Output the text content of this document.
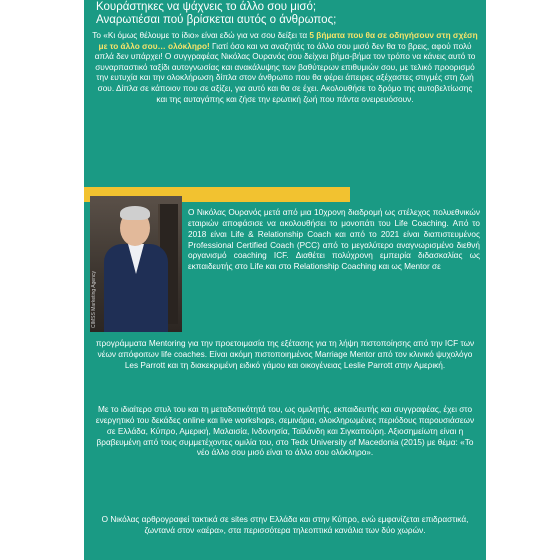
Κουράστηκες να ψάχνεις το άλλο σου μισό;
Αναρωτιέσαι πού βρίσκεται αυτός ο άνθρωπος;

Το «Κι όμως θέλουμε το ίδιο» είναι εδώ για να σου δείξει τα 5 βήματα που θα σε οδηγήσουν στη σχέση με το άλλο σου… ολόκληρο! Γιατί όσο και να αναζητάς το άλλο σου μισό δεν θα το βρεις, αφού πολύ απλά δεν υπάρχει! Ο συγγραφέας Νικόλας Ουρανός σου δείχνει βήμα-βήμα τον τρόπο να κάνεις αυτό το συναρπαστικό ταξίδι αυτογνωσίας και ανακάλυψης των βαθύτερων επιθυμιών σου, με τελικό προορισμό την ευτυχία και την ολοκλήρωση δίπλα στον άνθρωπο που θα φέρει άπειρες αξέχαστες στιγμές στη ζωή σου. Δίπλα σε κάποιον που σε αξίζει, για αυτό και θα σε έχει. Ακολουθήσε το δρόμο της αυτοβελτίωσης και της αυταγάπης και ζήσε την ερωτική ζωή που πάντα ονειρευόσουν.

CIMSS Marketing Agency

Ο Νικόλας Ουρανός μετά από μια 10χρονη διαδρομή ως στέλεχος πολυεθνικών εταιριών αποφάσισε να ακολουθήσει το μονοπάτι του Life Coaching. Από το 2018 είναι Life & Relationship Coach και από το 2021 είναι διαπιστευμένος Professional Certified Coach (PCC) από το μεγαλύτερο αναγνωρισμένο διεθνή οργανισμό coaching ICF. Διαθέτει πολύχρονη εμπειρία διδασκαλίας ως εκπαιδευτής στο Life και στο Relationship Coaching και ως Mentor σε

προγράμματα Mentoring για την προετοιμασία της εξέτασης για τη λήψη πιστοποίησης από την ICF των νέων απόφοιτων life coaches. Είναι ακόμη πιστοποιημένος Marriage Mentor από τον κλινικό ψυχολόγο Les Parrott και τη διακεκριμένη ειδικό γάμου και οικογένειας Leslie Parrott στην Αμερική.

Με το ιδιαίτερο στυλ του και τη μεταδοτικότητά του, ως ομιλητής, εκπαιδευτής και συγγραφέας, έχει στο ενεργητικό του δεκάδες online και live workshops, σεμινάρια, ολοκληρωμένες περιόδους παρουσιάσεων σε Ελλάδα, Κύπρο, Αμερική, Μαλαισία, Ινδονησία, Ταϊλάνδη και Σιγκαπούρη. Αξιοσημείωτη είναι η βραβευμένη από τους συμμετέχοντες ομιλία του, στο Tedx University of Macedonia (2015) με θέμα: «Το νέο άλλο σου μισό είναι το άλλο σου ολόκληρο».

Ο Νικόλας αρθρογραφεί τακτικά σε sites στην Ελλάδα και στην Κύπρο, ενώ εμφανίζεται επιδραστικά, ζωντανά στον «αέρα», στα περισσότερα τηλεοπτικά κανάλια των δύο χωρών.
